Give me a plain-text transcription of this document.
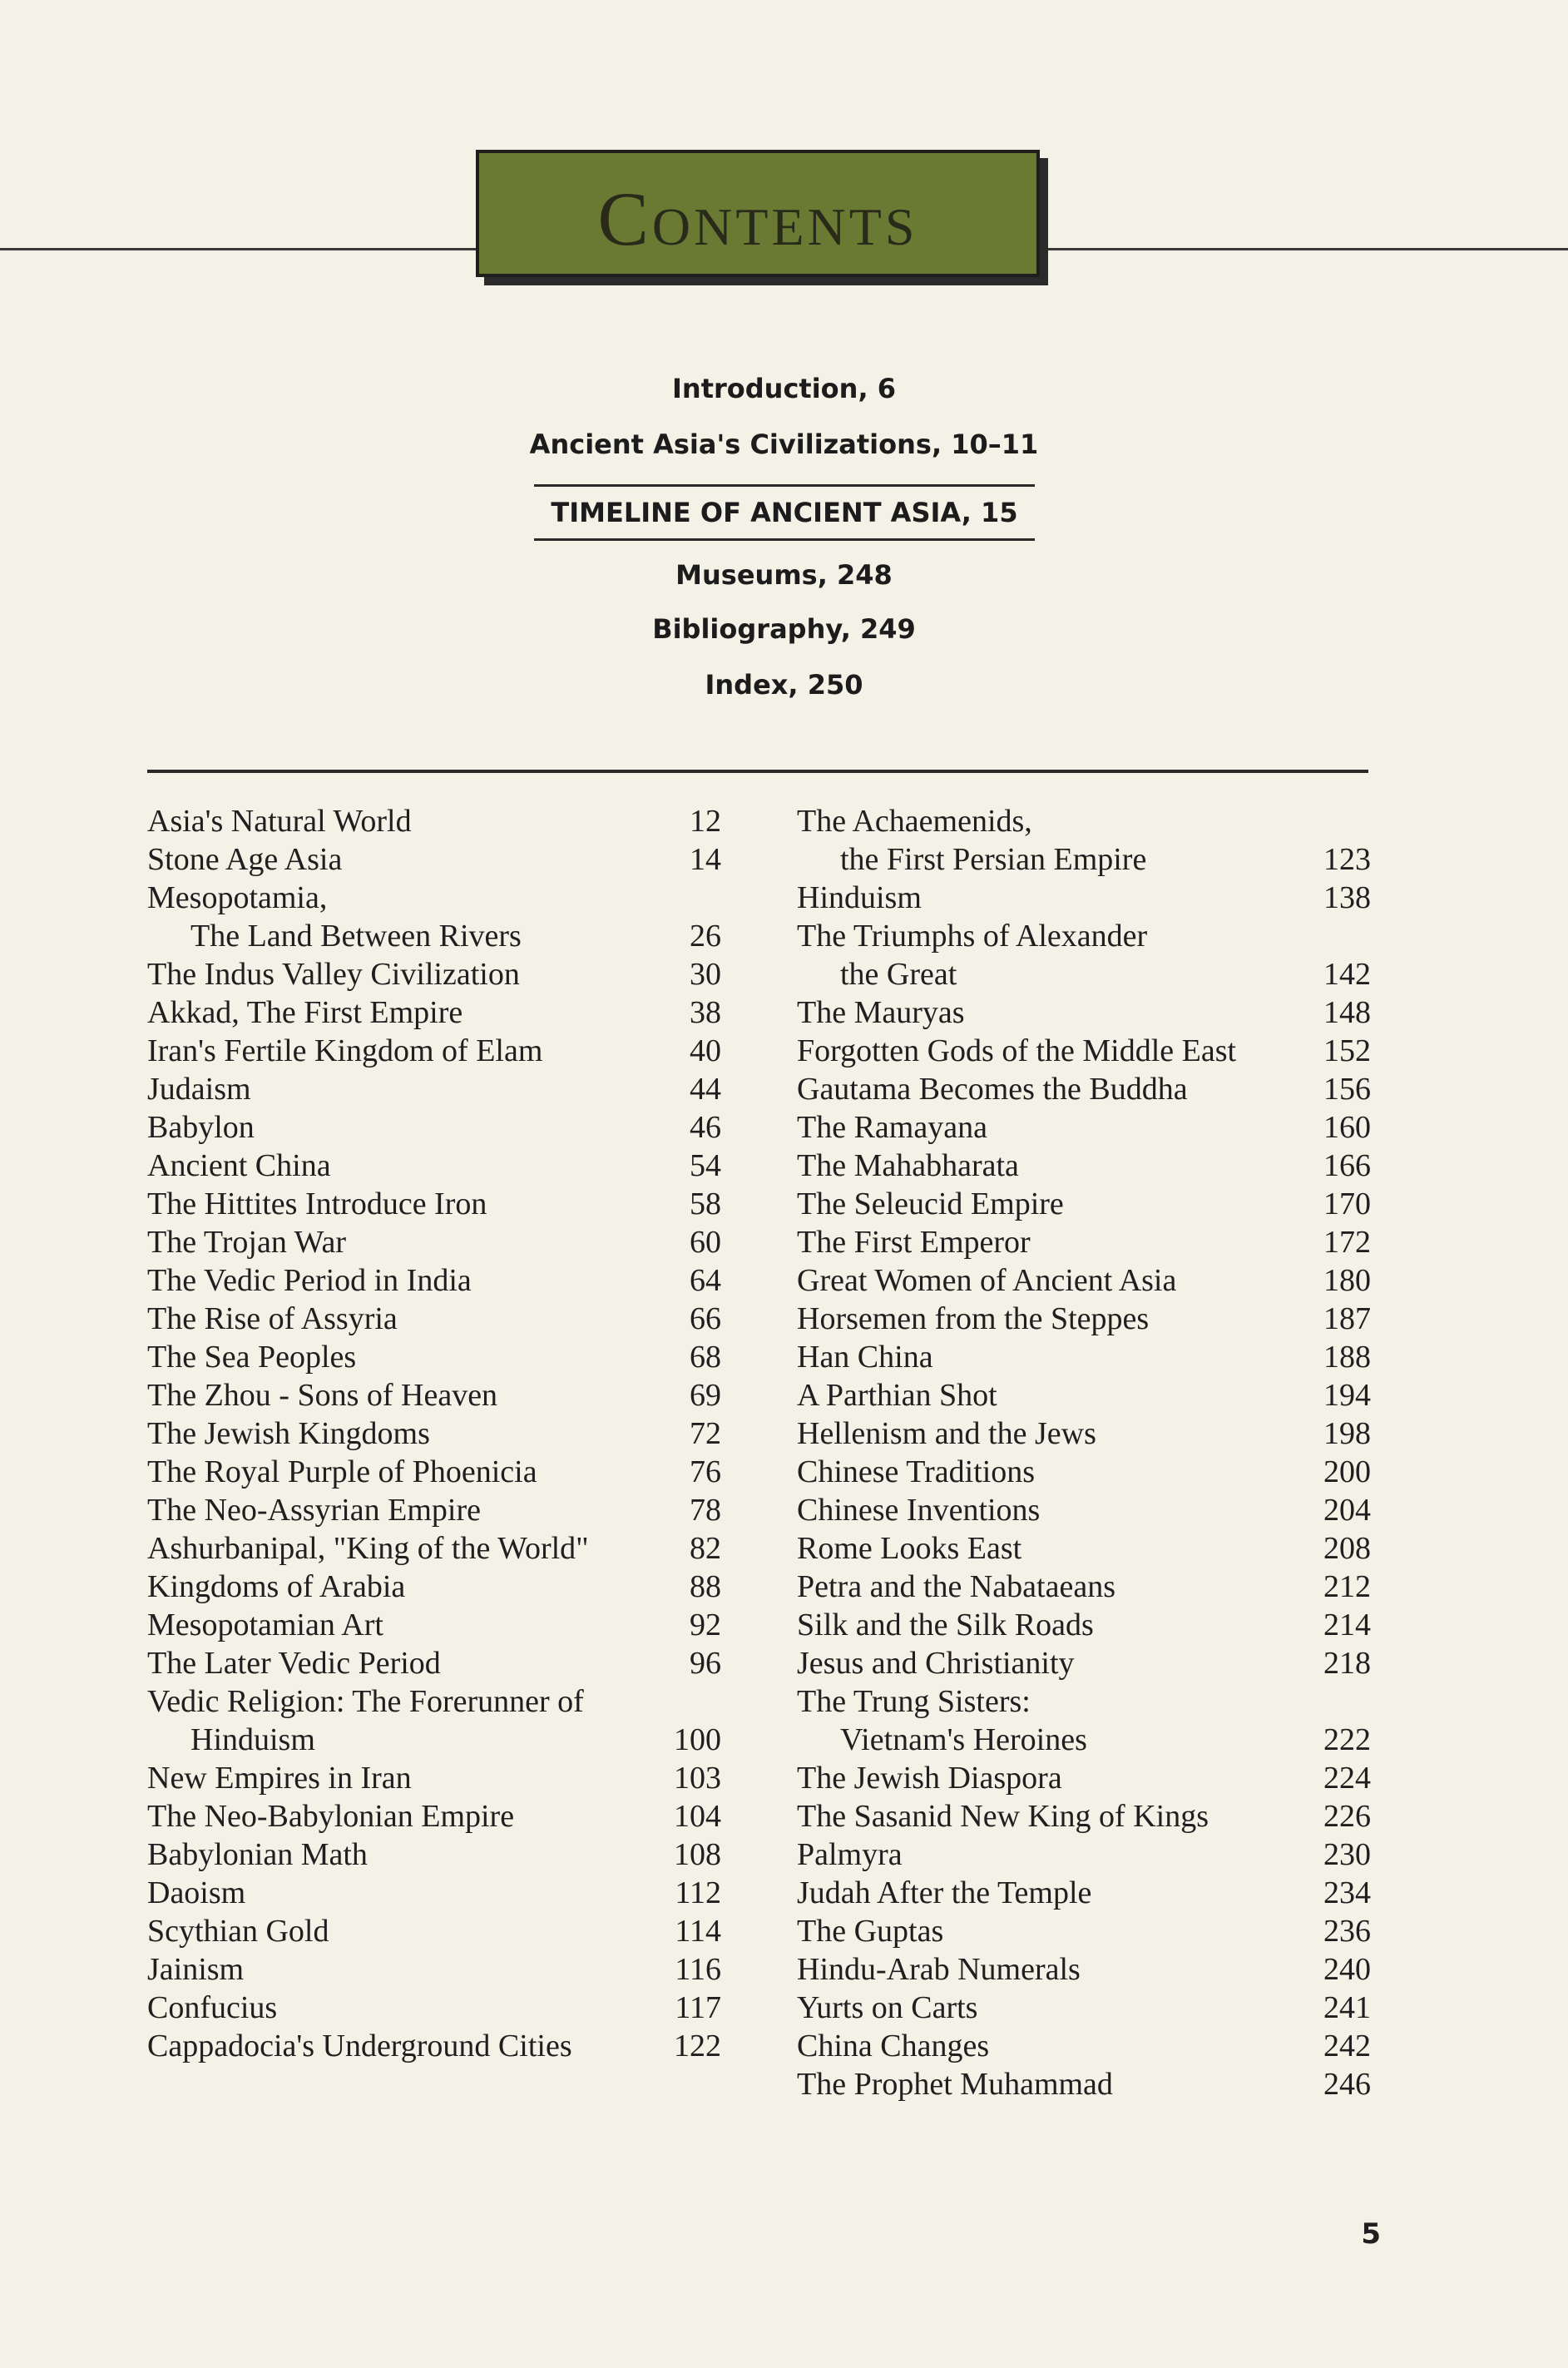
Contents
Introduction, 6
Ancient Asia's Civilizations, 10–11
TIMELINE OF ANCIENT ASIA, 15
Museums, 248
Bibliography, 249
Index, 250
Asia's Natural World	12
Stone Age Asia	14
Mesopotamia,
The Land Between Rivers	26
The Indus Valley Civilization	30
Akkad, The First Empire	38
Iran's Fertile Kingdom of Elam	40
Judaism	44
Babylon	46
Ancient China	54
The Hittites Introduce Iron	58
The Trojan War	60
The Vedic Period in India	64
The Rise of Assyria	66
The Sea Peoples	68
The Zhou - Sons of Heaven	69
The Jewish Kingdoms	72
The Royal Purple of Phoenicia	76
The Neo-Assyrian Empire	78
Ashurbanipal, "King of the World"	82
Kingdoms of Arabia	88
Mesopotamian Art	92
The Later Vedic Period	96
Vedic Religion: The Forerunner of
Hinduism	100
New Empires in Iran	103
The Neo-Babylonian Empire	104
Babylonian Math	108
Daoism	112
Scythian Gold	114
Jainism	116
Confucius	117
Cappadocia's Underground Cities	122
The Achaemenids,
the First Persian Empire	123
Hinduism	138
The Triumphs of Alexander
the Great	142
The Mauryas	148
Forgotten Gods of the Middle East	152
Gautama Becomes the Buddha	156
The Ramayana	160
The Mahabharata	166
The Seleucid Empire	170
The First Emperor	172
Great Women of Ancient Asia	180
Horsemen from the Steppes	187
Han China	188
A Parthian Shot	194
Hellenism and the Jews	198
Chinese Traditions	200
Chinese Inventions	204
Rome Looks East	208
Petra and the Nabataeans	212
Silk and the Silk Roads	214
Jesus and Christianity	218
The Trung Sisters:
Vietnam's Heroines	222
The Jewish Diaspora	224
The Sasanid New King of Kings	226
Palmyra	230
Judah After the Temple	234
The Guptas	236
Hindu-Arab Numerals	240
Yurts on Carts	241
China Changes	242
The Prophet Muhammad	246
5
